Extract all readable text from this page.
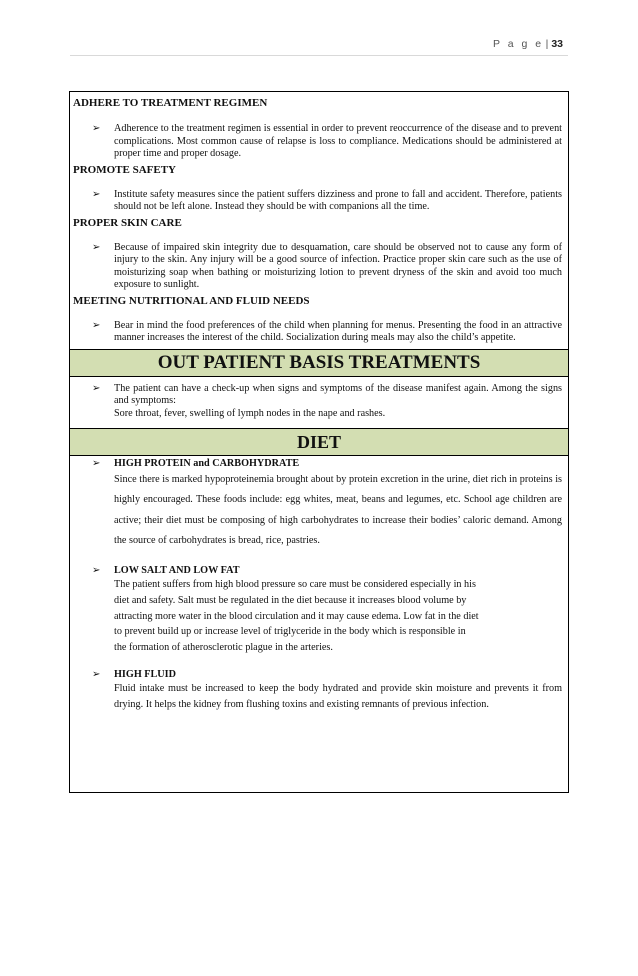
P a g e | 33
ADHERE TO TREATMENT REGIMEN
➢ Adherence to the treatment regimen is essential in order to prevent reoccurrence of the disease and to prevent complications. Most common cause of relapse is loss to compliance. Medications should be administered at proper time and proper dosage.
PROMOTE SAFETY
➢ Institute safety measures since the patient suffers dizziness and prone to fall and accident. Therefore, patients should not be left alone. Instead they should be with companions all the time.
PROPER SKIN CARE
➢ Because of impaired skin integrity due to desquamation, care should be observed not to cause any form of injury to the skin. Any injury will be a good source of infection. Practice proper skin care such as the use of moisturizing soap when bathing or moisturizing lotion to prevent dryness of the skin and avoid too much exposure to sunlight.
MEETING NUTRITIONAL AND FLUID NEEDS
➢ Bear in mind the food preferences of the child when planning for menus. Presenting the food in an attractive manner increases the interest of the child. Socialization during meals may also the child’s appetite.
OUT PATIENT BASIS TREATMENTS
➢ The patient can have a check-up when signs and symptoms of the disease manifest again. Among the signs and symptoms:
Sore throat, fever, swelling of lymph nodes in the nape and rashes.
DIET
➢ HIGH PROTEIN and CARBOHYDRATE
Since there is marked hypoproteinemia brought about by protein excretion in the urine, diet rich in proteins is highly encouraged. These foods include: egg whites, meat, beans and legumes, etc. School age children are active; their diet must be composing of high carbohydrates to increase their bodies’ caloric demand. Among the source of carbohydrates is bread, rice, pastries.
➢ LOW SALT AND LOW FAT
The patient suffers from high blood pressure so care must be considered especially in his
diet and safety. Salt must be regulated in the diet because it increases blood volume by
attracting more water in the blood circulation and it may cause edema. Low fat in the diet
to prevent build up or increase level of triglyceride in the body which is responsible in
the formation of atherosclerotic plague in the arteries.
➢ HIGH FLUID
Fluid intake must be increased to keep the body hydrated and provide skin moisture and prevents it from drying. It helps the kidney from flushing toxins and existing remnants of previous infection.
